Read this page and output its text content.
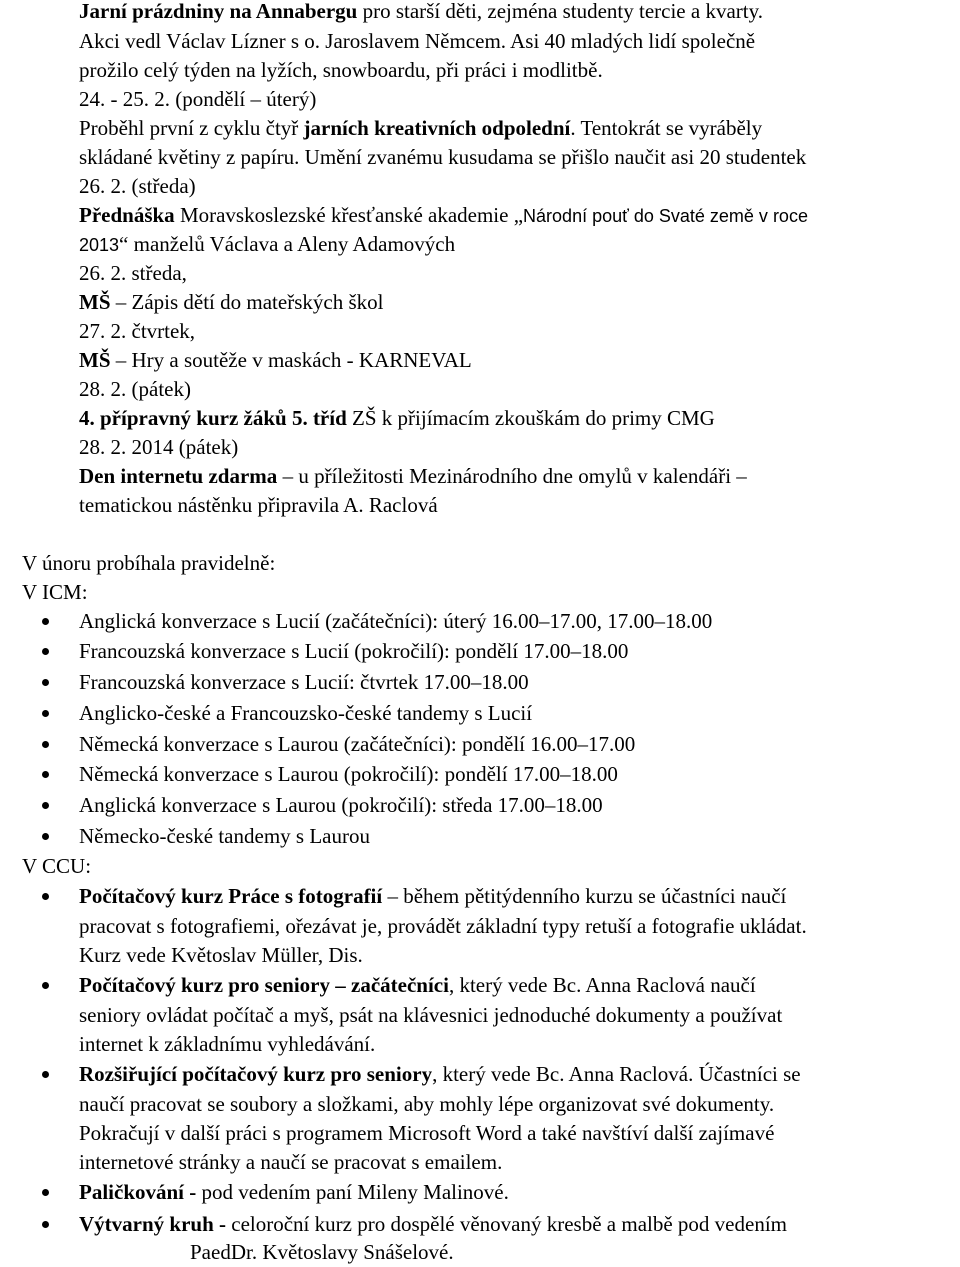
Jarní prázdniny na Annabergu pro starší děti, zejména studenty tercie a kvarty.
Akci vedl Václav Lízner s o. Jaroslavem Němcem. Asi 40 mladých lidí společně
prožilo celý týden na lyžích, snowboardu, při práci i modlitbě.
24. - 25. 2. (pondělí – úterý)
Proběhl první z cyklu čtyř jarních kreativních odpolední. Tentokrát se vyráběly
skládané květiny z papíru. Umění zvanému kusudama se přišlo naučit asi 20 studentek
26. 2. (středa)
Přednáška Moravskoslezské křesťanské akademie „Národní pouť do Svaté země v roce
2013“ manželů Václava a Aleny Adamových
26. 2. středa,
MŠ – Zápis dětí do mateřských škol
27. 2. čtvrtek,
MŠ – Hry a soutěže v maskách - KARNEVAL
28. 2. (pátek)
4. přípravný kurz žáků 5. tříd ZŠ k přijímacím zkouškám do primy CMG
28. 2. 2014 (pátek)
Den internetu zdarma – u příležitosti Mezinárodního dne omylů v kalendáři –
tematickou nástěnku připravila A. Raclová
V únoru probíhala pravidelně:
V ICM:
Anglická konverzace s Lucií (začátečníci): úterý 16.00–17.00, 17.00–18.00
Francouzská konverzace s Lucií (pokročilí): pondělí 17.00–18.00
Francouzská konverzace s Lucií: čtvrtek 17.00–18.00
Anglicko-české a Francouzsko-české tandemy s Lucií
Německá konverzace s Laurou (začátečníci): pondělí 16.00–17.00
Německá konverzace s Laurou (pokročilí): pondělí 17.00–18.00
Anglická konverzace s Laurou (pokročilí): středa 17.00–18.00
Německo-české tandemy s Laurou
V CCU:
Počítačový kurz Práce s fotografií – během pětitýdenního kurzu se účastníci naučí
pracovat s fotografiemi, ořezávat je, provádět základní typy retuší a fotografie ukládat.
Kurz vede Květoslav Müller, Dis.
Počítačový kurz pro seniory – začátečníci, který vede Bc. Anna Raclová naučí
seniory ovládat počítač a myš, psát na klávesnici jednoduché dokumenty a používat
internet k základnímu vyhledávání.
Rozšiřující počítačový kurz pro seniory, který vede Bc. Anna Raclová. Účastníci se
naučí pracovat se soubory a složkami, aby mohly lépe organizovat své dokumenty.
Pokračují v další práci s programem Microsoft Word a také navštíví další zajímavé
internetové stránky a naučí se pracovat s emailem.
Paličkování - pod vedením paní Mileny Malinové.
Výtvarný kruh - celoroční kurz pro dospělé věnovaný kresbě a malbě pod vedením
PaedDr. Květoslavy Snášelové.
